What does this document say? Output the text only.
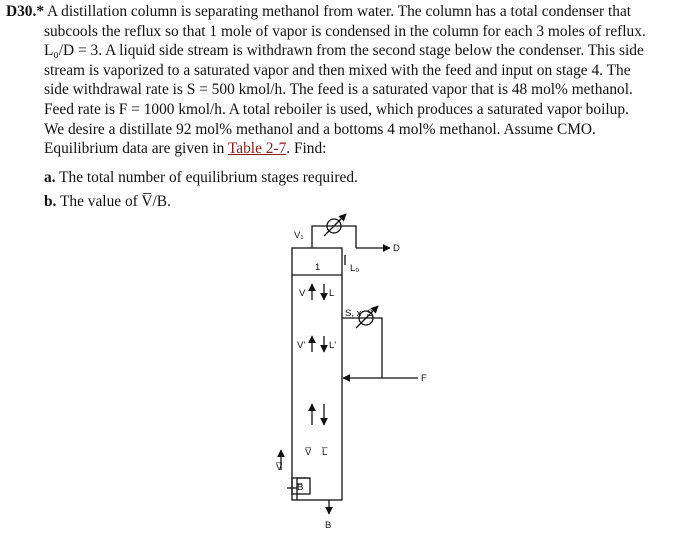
D30.* A distillation column is separating methanol from water. The column has a total condenser that
subcools the reflux so that 1 mole of vapor is condensed in the column for each 3 moles of reflux.
L₀/D = 3. A liquid side stream is withdrawn from the second stage below the condenser. This side
stream is vaporized to a saturated vapor and then mixed with the feed and input on stage 4. The
side withdrawal rate is S = 500 kmol/h. The feed is a saturated vapor that is 48 mol% methanol.
Feed rate is F = 1000 kmol/h. A total reboiler is used, which produces a saturated vapor boilup.
We desire a distillate 92 mol% methanol and a bottoms 4 mol% methanol. Assume CMO.
Equilibrium data are given in Table 2-7. Find:
a. The total number of equilibrium stages required.
b. The value of V̅/B.
V₁
L₀
D
1
V L
V'	L'
S, x_S
F
V̅ L̅
V̅
B
B
